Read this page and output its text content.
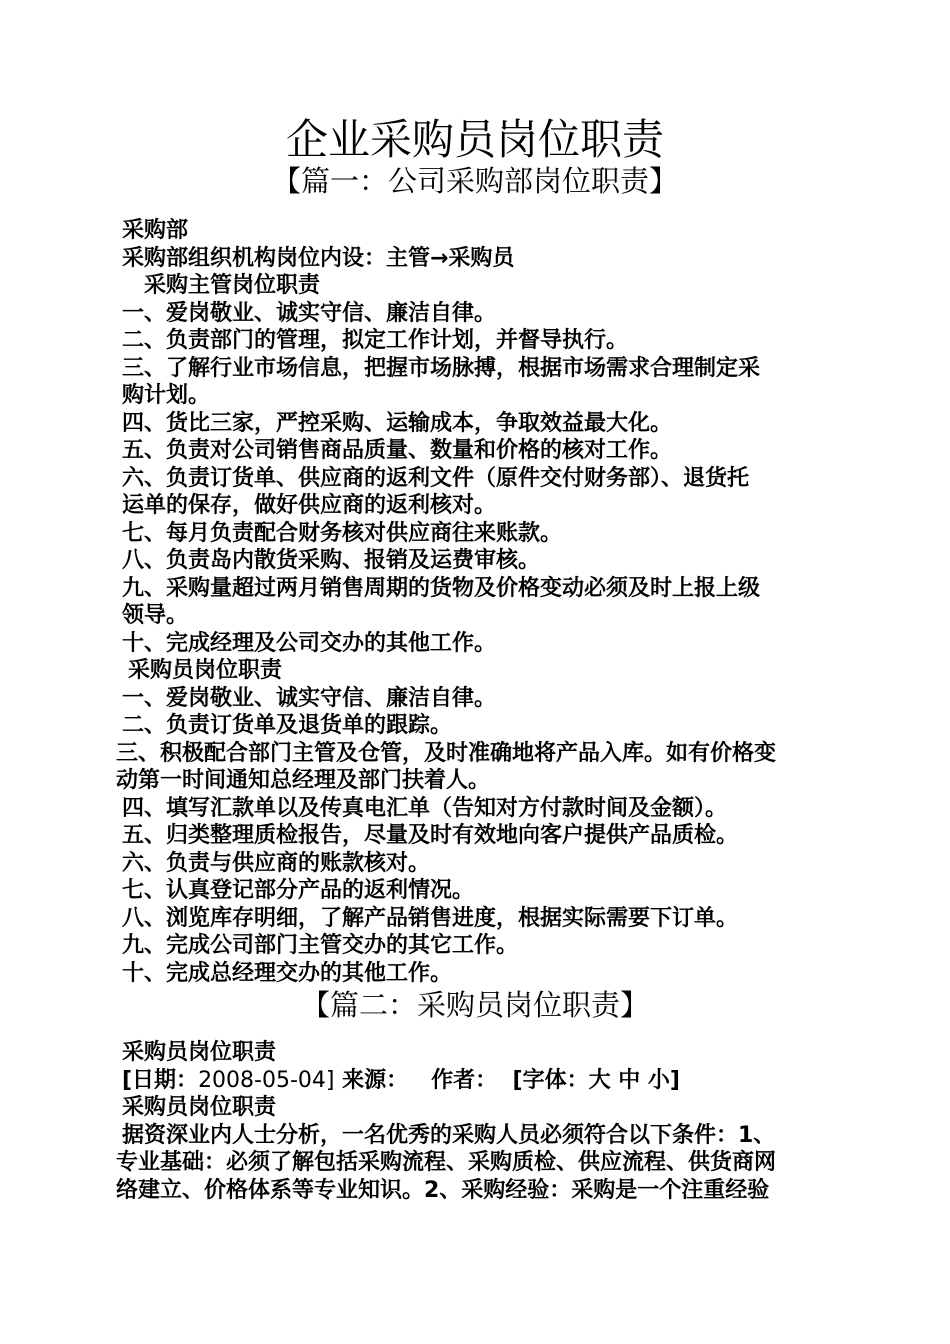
企业采购员岗位职责
【篇一：公司采购部岗位职责】
采购部
采购部组织机构岗位内设：主管→采购员
采购主管岗位职责
一、爱岗敬业、诚实守信、廉洁自律。
二、负责部门的管理，拟定工作计划，并督导执行。
三、了解行业市场信息，把握市场脉搏，根据市场需求合理制定采
购计划。
四、货比三家，严控采购、运输成本，争取效益最大化。
五、负责对公司销售商品质量、数量和价格的核对工作。
六、负责订货单、供应商的返利文件（原件交付财务部）、退货托
运单的保存，做好供应商的返利核对。
七、每月负责配合财务核对供应商往来账款。
八、负责岛内散货采购、报销及运费审核。
九、采购量超过两月销售周期的货物及价格变动必须及时上报上级
领导。
十、完成经理及公司交办的其他工作。
采购员岗位职责
一、爱岗敬业、诚实守信、廉洁自律。
二、负责订货单及退货单的跟踪。
三、积极配合部门主管及仓管，及时准确地将产品入库。如有价格变
动第一时间通知总经理及部门扶着人。
四、填写汇款单以及传真电汇单（告知对方付款时间及金额）。
五、归类整理质检报告，尽量及时有效地向客户提供产品质检。
六、负责与供应商的账款核对。
七、认真登记部分产品的返利情况。
八、浏览库存明细，了解产品销售进度，根据实际需要下订单。
九、完成公司部门主管交办的其它工作。
十、完成总经理交办的其他工作。
【篇二：采购员岗位职责】
采购员岗位职责
[日期：2008-05-04] 来源： 作者： [字体：大 中 小]
采购员岗位职责
据资深业内人士分析，一名优秀的采购人员必须符合以下条件：1、
专业基础：必须了解包括采购流程、采购质检、供应流程、供货商网
络建立、价格体系等专业知识。2、采购经验：采购是一个注重经验
